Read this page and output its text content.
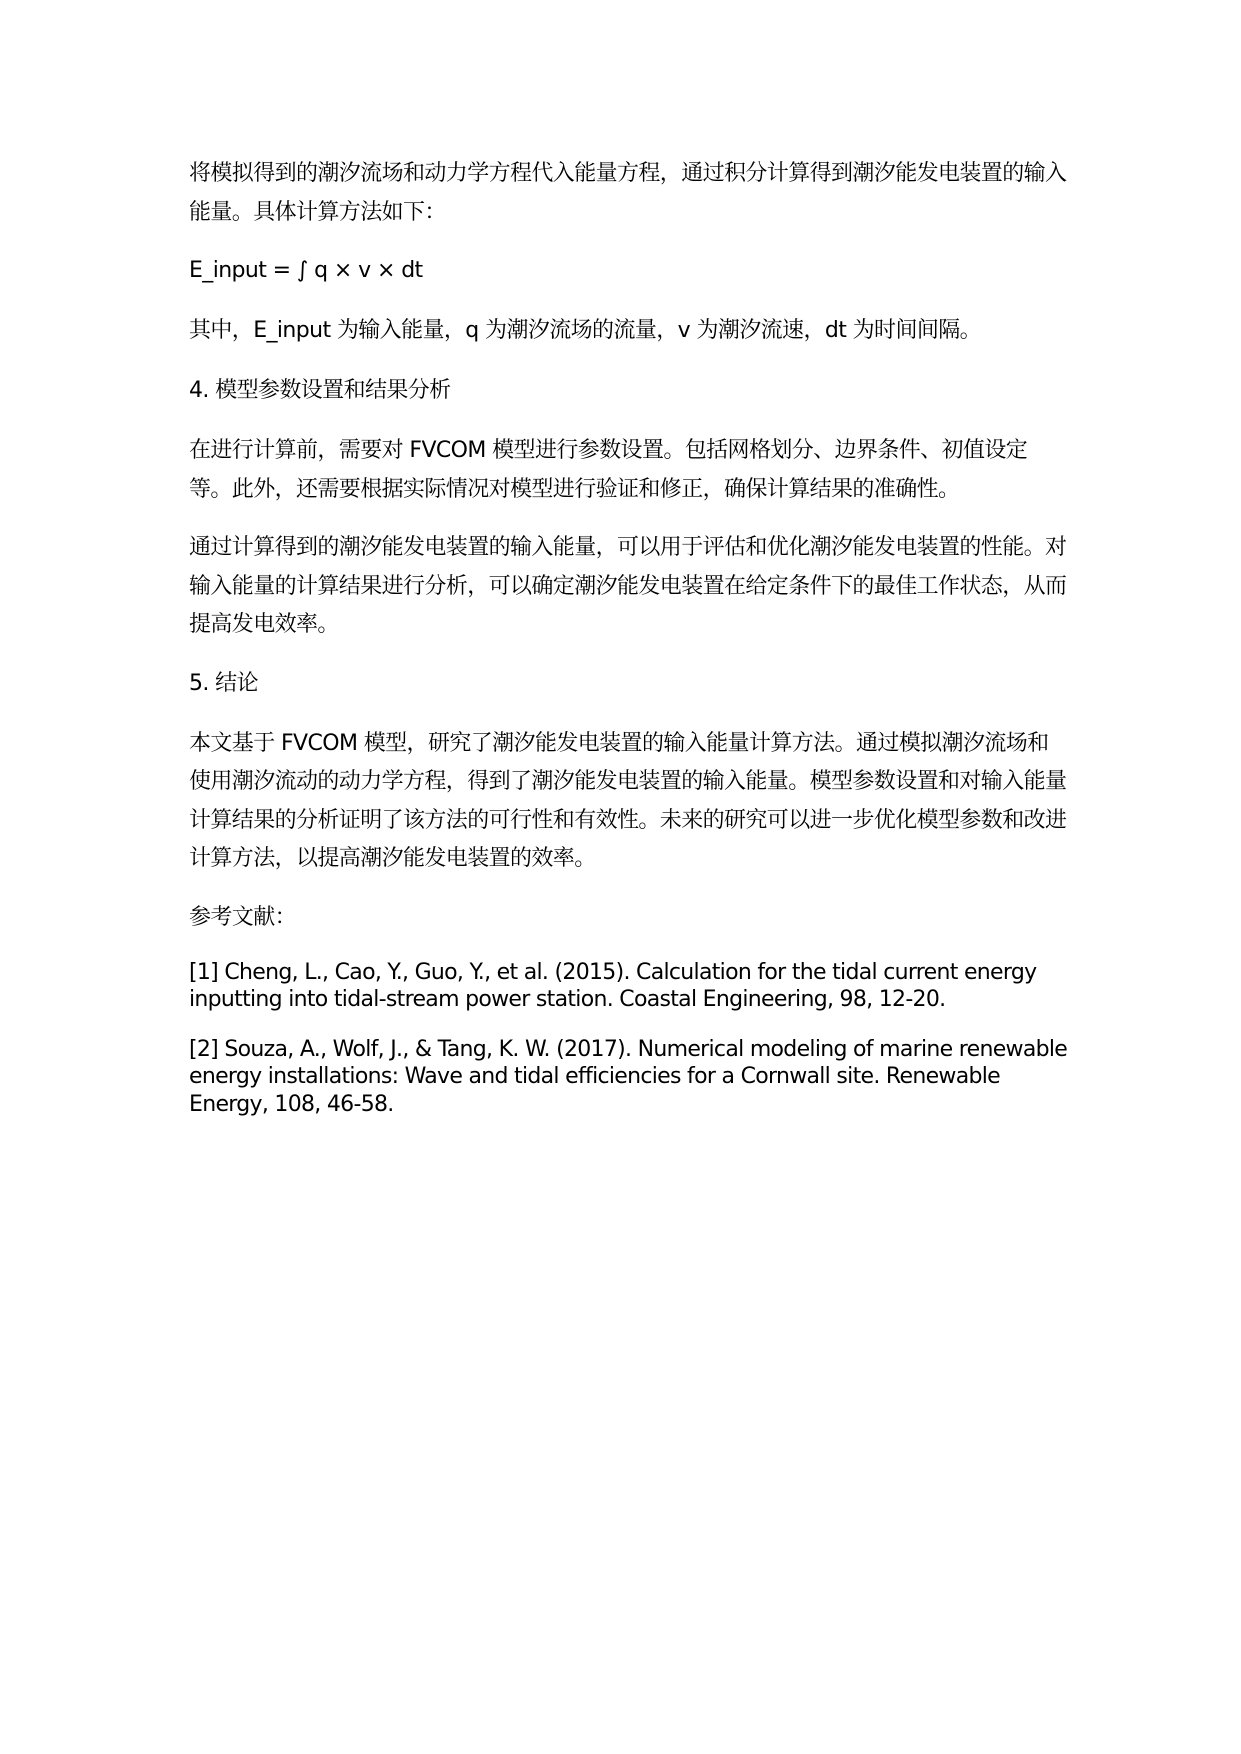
将模拟得到的潮汐流场和动力学方程代入能量方程，通过积分计算得到潮汐能发电装置的输入能量。具体计算方法如下：

E_input = ∫ q × v × dt

其中，E_input 为输入能量，q 为潮汐流场的流量，v 为潮汐流速，dt 为时间间隔。

4. 模型参数设置和结果分析

在进行计算前，需要对 FVCOM 模型进行参数设置。包括网格划分、边界条件、初值设定等。此外，还需要根据实际情况对模型进行验证和修正，确保计算结果的准确性。

通过计算得到的潮汐能发电装置的输入能量，可以用于评估和优化潮汐能发电装置的性能。对输入能量的计算结果进行分析，可以确定潮汐能发电装置在给定条件下的最佳工作状态，从而提高发电效率。

5. 结论

本文基于 FVCOM 模型，研究了潮汐能发电装置的输入能量计算方法。通过模拟潮汐流场和使用潮汐流动的动力学方程，得到了潮汐能发电装置的输入能量。模型参数设置和对输入能量计算结果的分析证明了该方法的可行性和有效性。未来的研究可以进一步优化模型参数和改进计算方法，以提高潮汐能发电装置的效率。

参考文献：

[1] Cheng, L., Cao, Y., Guo, Y., et al. (2015). Calculation for the tidal current energy inputting into tidal-stream power station. Coastal Engineering, 98, 12-20.

[2] Souza, A., Wolf, J., & Tang, K. W. (2017). Numerical modeling of marine renewable energy installations: Wave and tidal efficiencies for a Cornwall site. Renewable Energy, 108, 46-58.
